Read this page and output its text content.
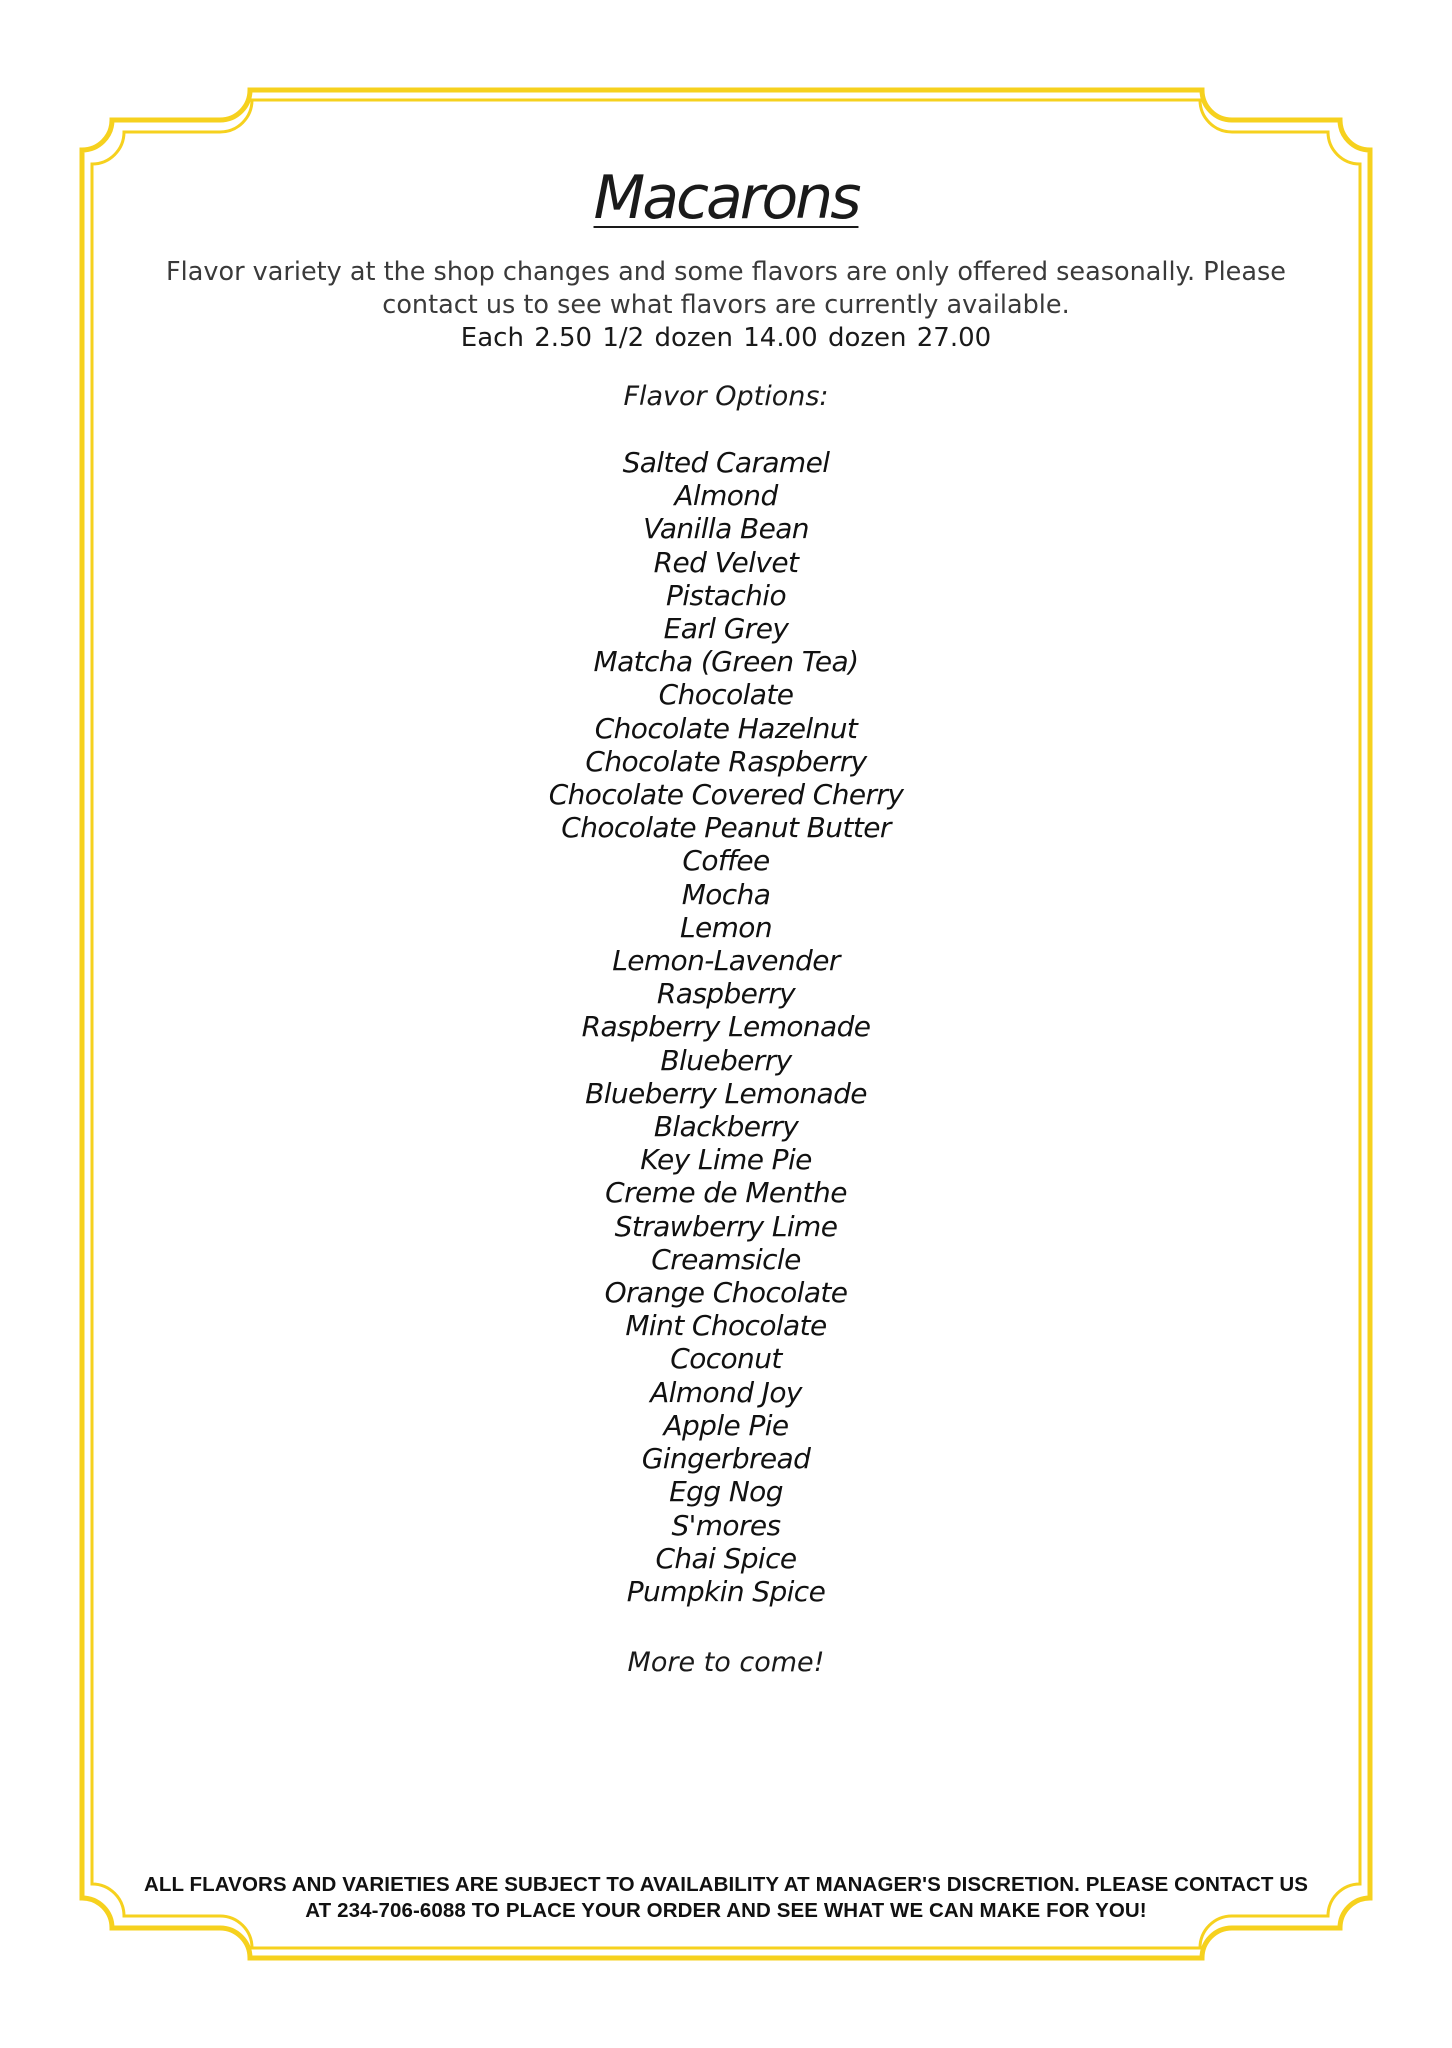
Macarons

Flavor variety at the shop changes and some flavors are only offered seasonally. Please

contact us to see what flavors are currently available.

Each 2.50 1/2 dozen 14.00 dozen 27.00

Flavor Options:
Salted Caramel
Almond
Vanilla Bean
Red Velvet
Pistachio
Earl Grey
Matcha (Green Tea)
Chocolate
Chocolate Hazelnut
Chocolate Raspberry
Chocolate Covered Cherry
Chocolate Peanut Butter
Coffee
Mocha
Lemon
Lemon-Lavender
Raspberry
Raspberry Lemonade
Blueberry
Blueberry Lemonade
Blackberry
Key Lime Pie
Creme de Menthe
Strawberry Lime
Creamsicle
Orange Chocolate
Mint Chocolate
Coconut
Almond Joy
Apple Pie
Gingerbread
Egg Nog
S'mores
Chai Spice
Pumpkin Spice
More to come!

ALL FLAVORS AND VARIETIES ARE SUBJECT TO AVAILABILITY AT MANAGER'S DISCRETION. PLEASE CONTACT US

AT 234-706-6088 TO PLACE YOUR ORDER AND SEE WHAT WE CAN MAKE FOR YOU!
